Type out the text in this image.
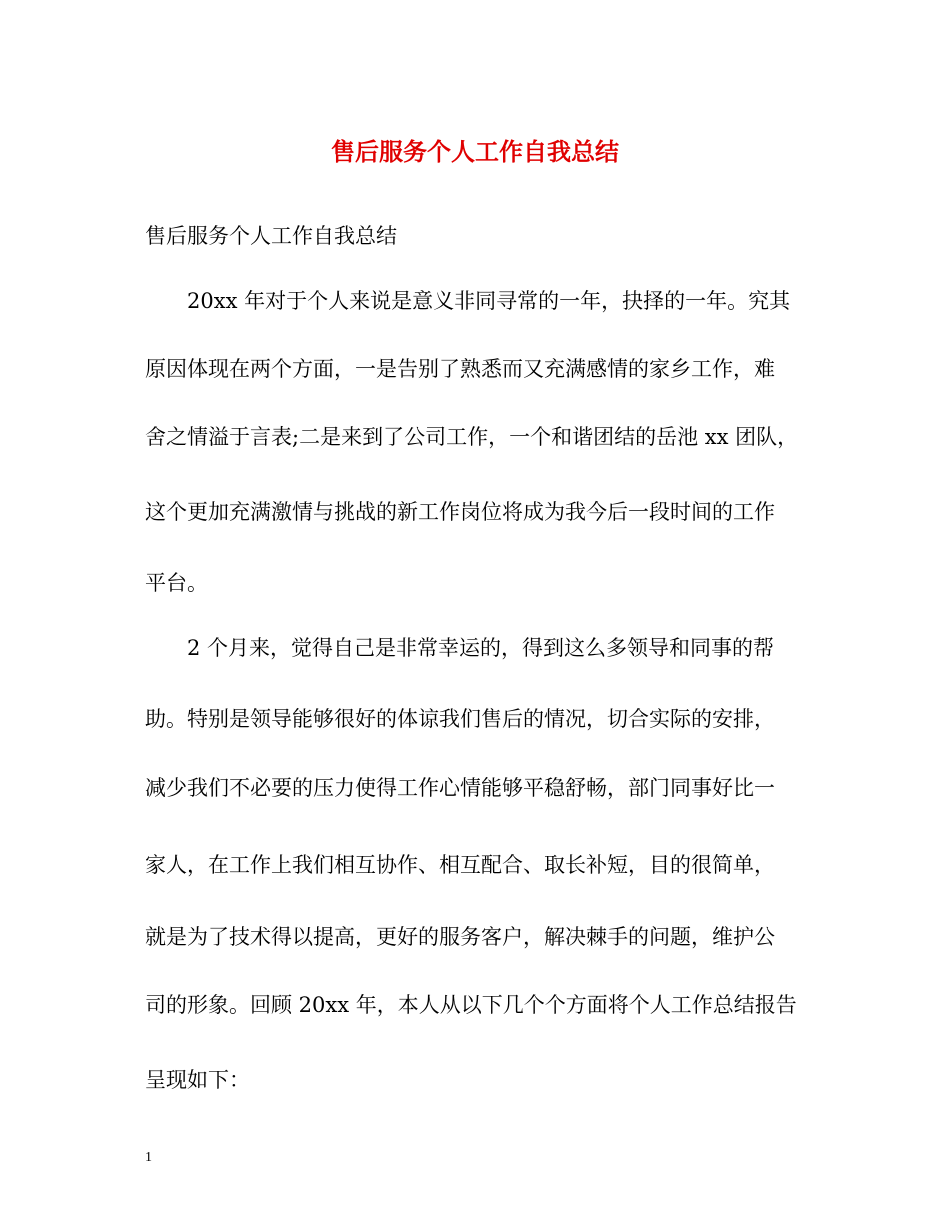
售后服务个人工作自我总结
售后服务个人工作自我总结
20xx 年对于个人来说是意义非同寻常的一年，抉择的一年。究其
原因体现在两个方面，一是告别了熟悉而又充满感情的家乡工作，难
舍之情溢于言表;二是来到了公司工作，一个和谐团结的岳池 xx 团队，
这个更加充满激情与挑战的新工作岗位将成为我今后一段时间的工作
平台。
2 个月来，觉得自己是非常幸运的，得到这么多领导和同事的帮
助。特别是领导能够很好的体谅我们售后的情况，切合实际的安排，
减少我们不必要的压力使得工作心情能够平稳舒畅，部门同事好比一
家人，在工作上我们相互协作、相互配合、取长补短，目的很简单，
就是为了技术得以提高，更好的服务客户，解决棘手的问题，维护公
司的形象。回顾 20xx 年，本人从以下几个个方面将个人工作总结报告
呈现如下：
1
